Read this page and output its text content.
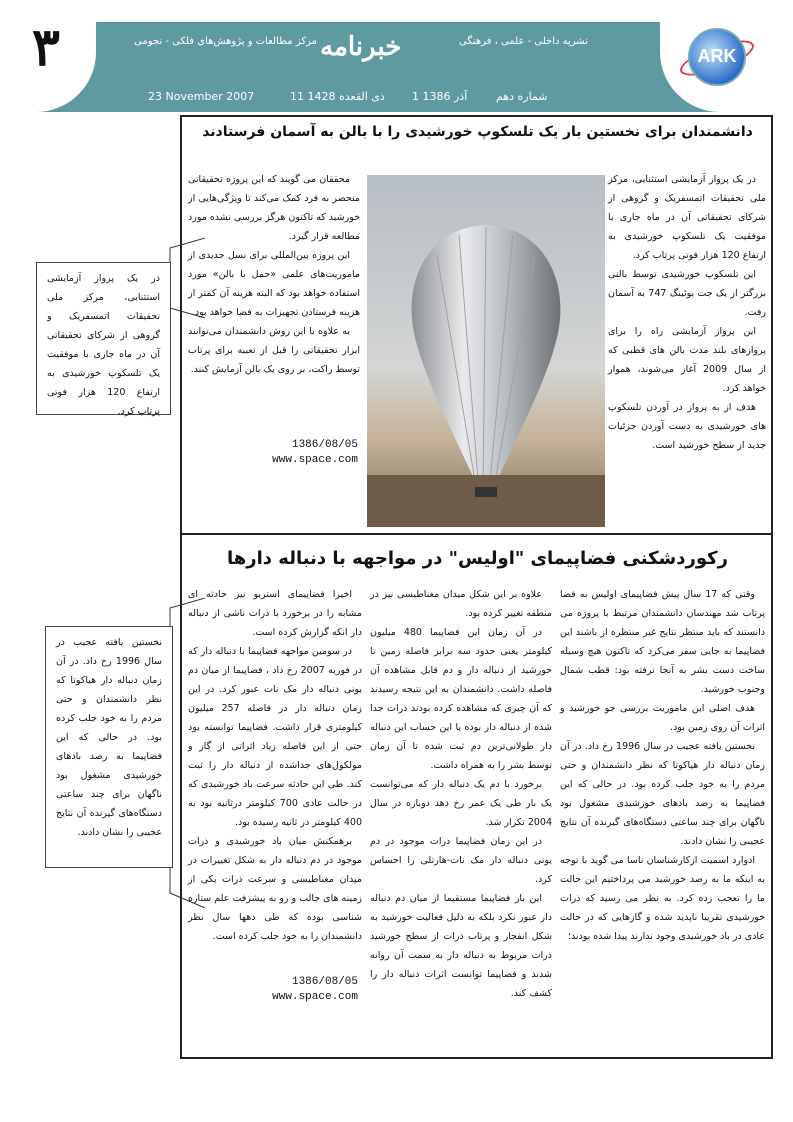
۳	ARK
خبرنامه	نشریه داخلی - علمی ، فرهنگی
مرکز مطالعات و پژوهش‌های فلکی - نجومی
شماره دهم
1 آذر 1386
11 ذی القعده 1428
23 November 2007
دانشمندان برای نخستین بار یک تلسکوپ خورشیدی را با بالن به آسمان فرستادند

در یک پرواز آزمایشی استثنایی، مرکز ملی تحقیقات اتمسفریک و گروهی از شرکای تحقیقاتی آن در ماه جاری با موفقیت یک تلسکوپ خورشیدی به ارتفاع 120 هزار فوتی پرتاب کرد.

این تلسکوپ خورشیدی توسط بالنی بزرگتر از یک جت بوئینگ 747 به آسمان رفت.

این پرواز آزمایشی راه را برای پروازهای بلند مدت بالن های قطبی که از سال 2009 آغاز می‌شوند، هموار خواهد کرد.

هدف از به پرواز در آوردن تلسکوپ های خورشیدی به دست آوردن جزئیات جدید از سطح خورشید است.

محققان می گویند که این پروژه تحقیقاتی منحصر به فرد کمک می‌کند تا ویژگی‌هایی از خورشید که تاکنون هرگز بررسی نشده مورد مطالعه قرار گیرد.

این پروژه بین‌المللی برای نسل جدیدی از ماموریت‌های علمی «حمل با بالن» مورد استفاده خواهد بود که البته هزینه آن کمتر از هزینه فرستادن تجهیزات به فضا خواهد بود.

به علاوه با این روش دانشمندان می‌توانند ابزار تحقیقاتی را قبل از تعبیه برای پرتاب توسط راکت، بر روی یک بالن آزمایش کنند.

1386/08/05
www.space.com
در یک پرواز آزمایشی استثنایی، مرکز ملی تحقیقات اتمسفریک و گروهی از شرکای تحقیقاتی آن در ماه جاری با موفقیت یک تلسکوپ خورشیدی به ارتفاع 120 هزار فوتی پرتاب کرد.
رکوردشکنی فضاپیمای "اولیس" در مواجهه با دنباله دارها

وقتی که 17 سال پیش فضاپیمای اولیس به فضا پرتاب شد مهندسان دانشمندان مرتبط با پروژه می دانستند که باید منتظر نتایج غیر منتظره از باشند این فضاپیما به جایی سفر می‌کرد که تاکنون هیچ وسیله ساخت دست بشر به آنجا نرفته بود: قطب شمال وجنوب خورشید.

هدف اصلی این ماموریت بررسی جو خورشید و اثرات آن روی زمین بود.

نخستین یافته عجیب در سال 1996 رخ داد. در آن زمان دنباله دار هیاکوتا که نظر دانشمندان و حتی مردم را به خود جلب کرده بود. در حالی که این فضاپیما به رصد بادهای خورشیدی مشغول بود ناگهان برای چند ساعتی دستگاه‌های گیرنده آن نتایج عجیبی را نشان دادند.

ادوارد اسمیت ازکارشناسان ناسا می گوید با توجه به اینکه ما به رصد خورشید می پرداختیم این حالت ما را تعجب زده کرد. به نظر می رسید که ذرات خورشیدی تقریبا ناپدید شده و گازهایی که در حالت عادی در باد خورشیدی وجود ندارند پیدا شده بودند؛

علاوه بر این شکل میدان مغناطیسی نیز در منطقه تغییر کرده بود.

در آن زمان این فضاپیما 480 میلیون کیلومتر یعنی حدود سه برابر فاصله زمین تا خورشید از دنباله دار و دم قابل مشاهده آن فاصله داشت. دانشمندان به این نتیجه رسیدند که آن چیزی که مشاهده کرده بودند ذرات جدا شده از دنباله دار بوده یا این حساب این دنباله دار طولانی‌ترین دم ثبت شده تا آن زمان توسط بشر را به همراه داشت.

برخورد با دم یک دنباله دار که می‌توانست یک بار طی یک عمر رخ دهد دوباره در سال 2004 تکرار شد.

در این زمان فضاپیما ذرات موجود در دم یونی دنباله دار مک نات-هارتلی را احساس کرد.

این بار فضاپیما مستقیما از میان دم دنباله دار عبور نکرد بلکه به دلیل فعالیت خورشید به شکل انفجار و پرتاب ذرات از سطح خورشید ذرات مربوط به دنباله دار به سمت آن روانه شدند و فضاپیما توانست اثرات دنباله دار را کشف کند.

اخیرا فضاپیمای استریو نیز حادثه ای مشابه را در برخورد با ذرات ناشی از دنباله دار انکه گزارش کرده است.

در سومین مواجهه فضاپیما با دنباله دار که در فوریه 2007 رخ داد ، فضاپیما از میان دم یونی دنباله دار مک نات عبور کرد. در این زمان دنباله دار در فاصله 257 میلیون کیلومتری قرار داشت. فضاپیما توانسته بود حتی از این فاصله زیاد اثراتی از گاز و مولکول‌های جداشده از دنباله دار را ثبت کند. طی این حادثه سرعت باد خورشیدی که در حالت عادی 700 کیلومتر درثانیه بود به 400 کیلومتر در ثانیه رسیده بود.

برهمکنش میان باد خورشیدی و ذرات موجود در دم دنباله دار به شکل تغییرات در میدان مغناطیسی و سرعت ذرات یکی از زمینه های جالب و رو به پیشرفت علم ستاره شناسی بوده که طی دهها سال نظر دانشمندان را به خود جلب کرده است.

1386/08/05
www.space.com
نخستین یافته عجیب در سال 1996 رخ داد. در آن زمان دنباله دار هیاکوتا که نظر دانشمندان و حتی مردم را به خود جلب کرده بود. در حالی که این فضاپیما به رصد بادهای خورشیدی مشغول بود ناگهان برای چند ساعتی دستگاه‌های گیرنده آن نتایج عجیبی را نشان دادند.
